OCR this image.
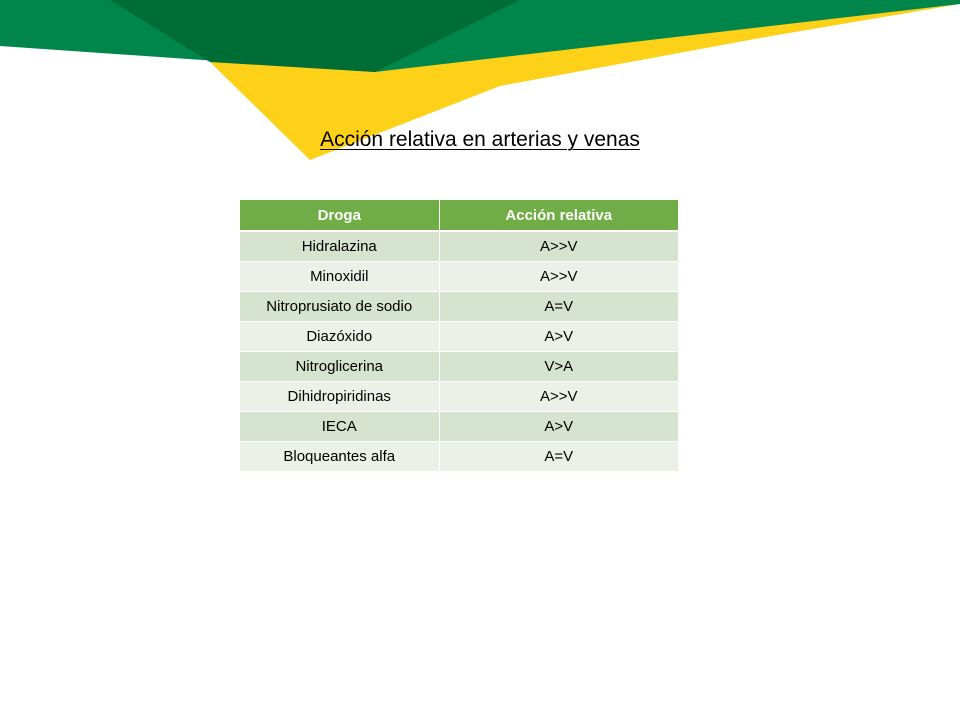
Acción relativa en arterias y venas
Droga	Acción relativa
Hidralazina	A>>V
Minoxidil	A>>V
Nitroprusiato de sodio	A=V
Diazóxido	A>V
Nitroglicerina	V>A
Dihidropiridinas	A>>V
IECA	A>V
Bloqueantes alfa	A=V
